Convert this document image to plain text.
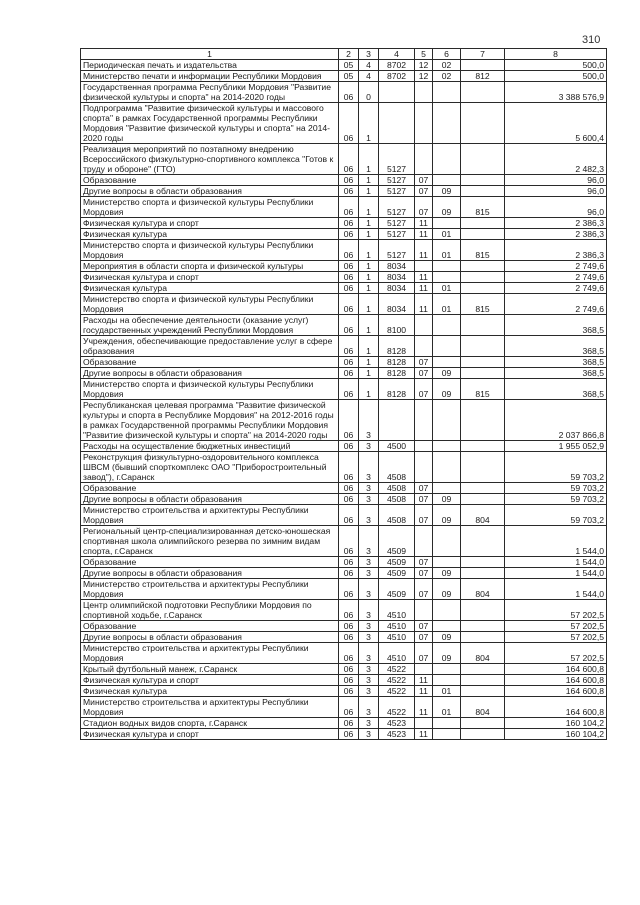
310
1	2	3	4	5	6	7	8
Периодическая печать и издательства	05	4	8702	12	02		500,0
Министерство печати и информации Республики Мордовия	05	4	8702	12	02	812	500,0
Государственная программа Республики Мордовия "Развитие физической культуры и спорта" на 2014-2020 годы	06	0					3 388 576,9
Подпрограмма "Развитие физической культуры и массового спорта" в рамках Государственной программы Республики Мордовия "Развитие физической культуры и спорта" на 2014-2020 годы	06	1					5 600,4
Реализация мероприятий по поэтапному внедрению Всероссийского физкультурно-спортивного комплекса "Готов к труду и обороне" (ГТО)	06	1	5127				2 482,3
Образование	06	1	5127	07			96,0
Другие вопросы в области образования	06	1	5127	07	09		96,0
Министерство спорта и физической культуры Республики Мордовия	06	1	5127	07	09	815	96,0
Физическая культура и спорт	06	1	5127	11			2 386,3
Физическая культура	06	1	5127	11	01		2 386,3
Министерство спорта и физической культуры Республики Мордовия	06	1	5127	11	01	815	2 386,3
Мероприятия в области спорта и физической культуры	06	1	8034				2 749,6
Физическая культура и спорт	06	1	8034	11			2 749,6
Физическая культура	06	1	8034	11	01		2 749,6
Министерство спорта и физической культуры Республики Мордовия	06	1	8034	11	01	815	2 749,6
Расходы на обеспечение деятельности (оказание услуг) государственных учреждений Республики Мордовия	06	1	8100				368,5
Учреждения, обеспечивающие предоставление услуг в сфере образования	06	1	8128				368,5
Образование	06	1	8128	07			368,5
Другие вопросы в области образования	06	1	8128	07	09		368,5
Министерство спорта и физической культуры Республики Мордовия	06	1	8128	07	09	815	368,5
Республиканская целевая программа "Развитие физической культуры и спорта в Республике Мордовия" на 2012-2016 годы в рамках Государственной программы Республики Мордовия "Развитие физической культуры и спорта" на 2014-2020 годы	06	3					2 037 866,8
Расходы на осуществление бюджетных инвестиций	06	3	4500				1 955 052,9
Реконструкция физкультурно-оздоровительного комплекса ШВСМ (бывший спорткомплекс ОАО "Приборостроительный завод"), г.Саранск	06	3	4508				59 703,2
Образование	06	3	4508	07			59 703,2
Другие вопросы в области образования	06	3	4508	07	09		59 703,2
Министерство строительства и архитектуры Республики Мордовия	06	3	4508	07	09	804	59 703,2
Региональный центр-специализированная детско-юношеская спортивная школа олимпийского резерва по зимним видам спорта, г.Саранск	06	3	4509				1 544,0
Образование	06	3	4509	07			1 544,0
Другие вопросы в области образования	06	3	4509	07	09		1 544,0
Министерство строительства и архитектуры Республики Мордовия	06	3	4509	07	09	804	1 544,0
Центр олимпийской подготовки Республики Мордовия по спортивной ходьбе, г.Саранск	06	3	4510				57 202,5
Образование	06	3	4510	07			57 202,5
Другие вопросы в области образования	06	3	4510	07	09		57 202,5
Министерство строительства и архитектуры Республики Мордовия	06	3	4510	07	09	804	57 202,5
Крытый футбольный манеж, г.Саранск	06	3	4522				164 600,8
Физическая культура и спорт	06	3	4522	11			164 600,8
Физическая культура	06	3	4522	11	01		164 600,8
Министерство строительства и архитектуры Республики Мордовия	06	3	4522	11	01	804	164 600,8
Стадион водных видов спорта, г.Саранск	06	3	4523				160 104,2
Физическая культура и спорт	06	3	4523	11			160 104,2
